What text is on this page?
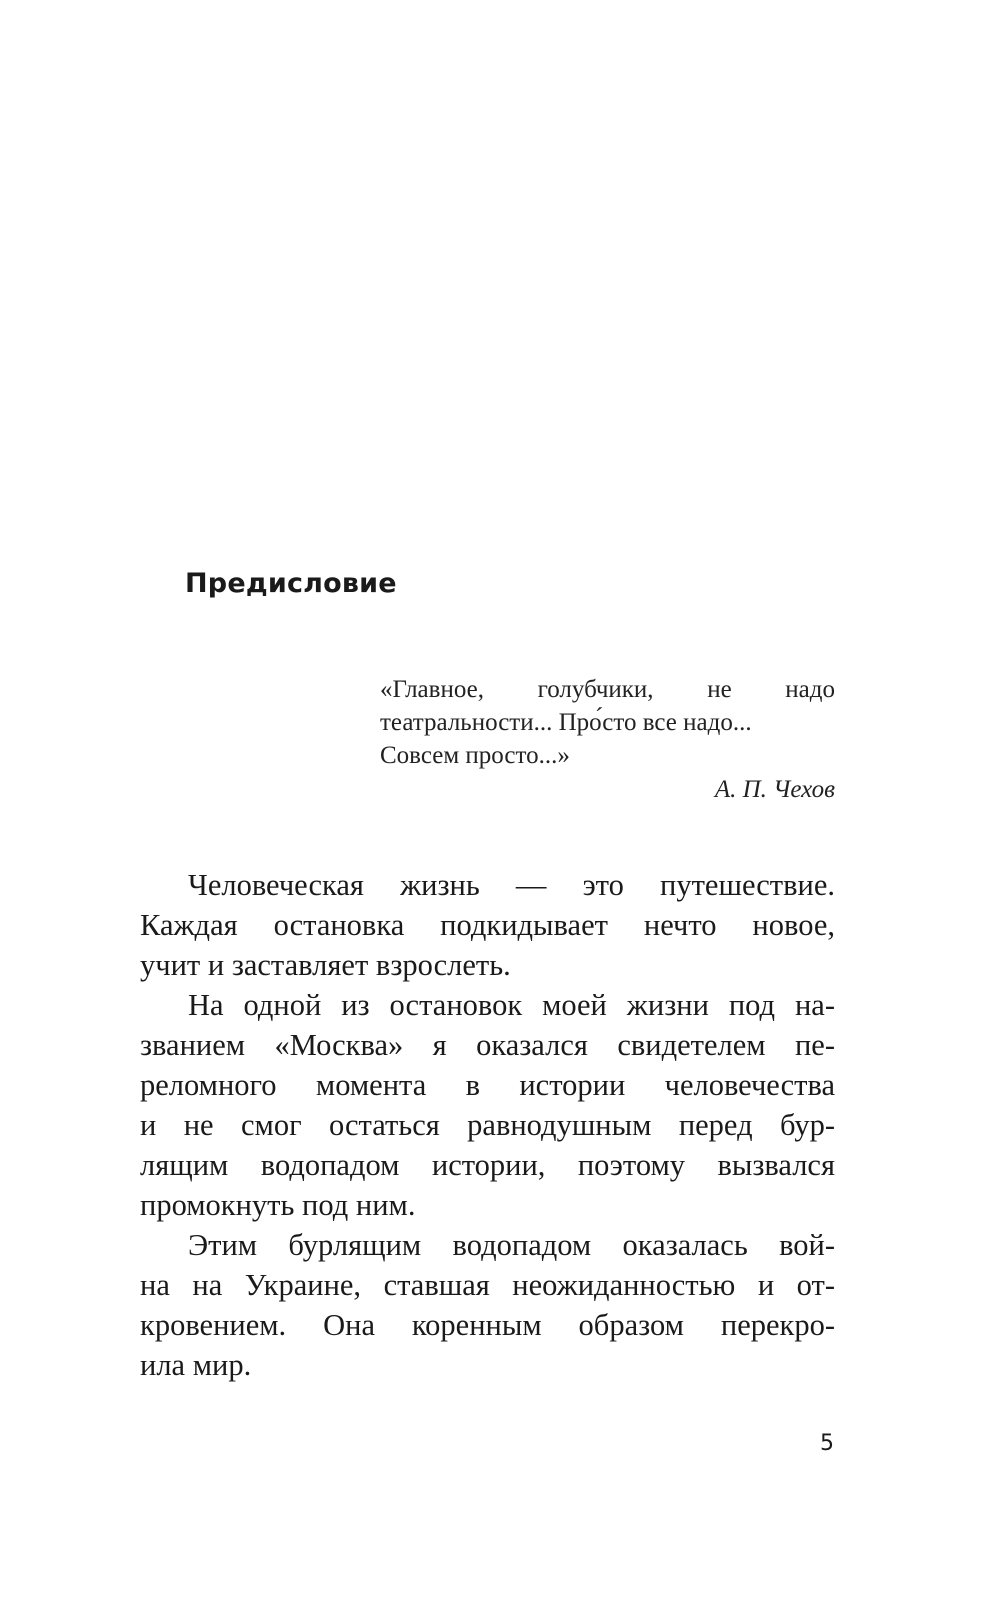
Предисловие
«Главное, голубчики, не надо
театральности... Про́сто все надо...
Совсем просто...»
А. П. Чехов
Человеческая жизнь — это путешествие.
Каждая остановка подкидывает нечто новое,
учит и заставляет взрослеть.
На одной из остановок моей жизни под на-
званием «Москва» я оказался свидетелем пе-
реломного момента в истории человечества
и не смог остаться равнодушным перед бур-
лящим водопадом истории, поэтому вызвался
промокнуть под ним.
Этим бурлящим водопадом оказалась вой-
на на Украине, ставшая неожиданностью и от-
кровением. Она коренным образом перекро-
ила мир.
5
